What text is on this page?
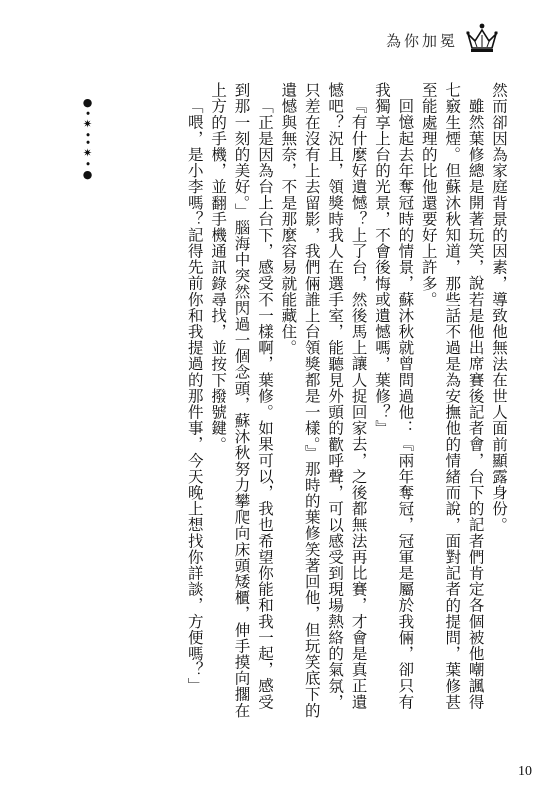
為你加冕

然而卻因為家庭背景的因素，導致他無法在世人面前顯露身份。

雖然葉修總是開著玩笑，說若是他出席賽後記者會，台下的記者們肯定各個被他嘲諷得七竅生煙。但蘇沐秋知道，那些話不過是為安撫他的情緒而說，面對記者的提問，葉修甚至能處理的比他還要好上許多。

回憶起去年奪冠時的情景，蘇沐秋就曾問過他：『兩年奪冠，冠軍是屬於我倆，卻只有我獨享上台的光景，不會後悔或遺憾嗎，葉修？』

『有什麼好遺憾？上了台，然後馬上讓人捉回家去，之後都無法再比賽，才會是真正遺憾吧？況且，領獎時我人在選手室，能聽見外頭的歡呼聲，可以感受到現場熱絡的氣氛，只差在沒有上去留影，我們倆誰上台領獎都是一樣。』那時的葉修笑著回他，但玩笑底下的遺憾與無奈，不是那麼容易就能藏住。

「正是因為台上台下，感受不一樣啊，葉修。如果可以，我也希望你能和我一起，感受到那一刻的美好。」腦海中突然閃過一個念頭，蘇沐秋努力攀爬向床頭矮櫃，伸手摸向擱在上方的手機，並翻手機通訊錄尋找，並按下撥號鍵。

「喂，是小李嗎？記得先前你和我提過的那件事，今天晚上想找你詳談，方便嗎？」

●•✷••✷•●
10
